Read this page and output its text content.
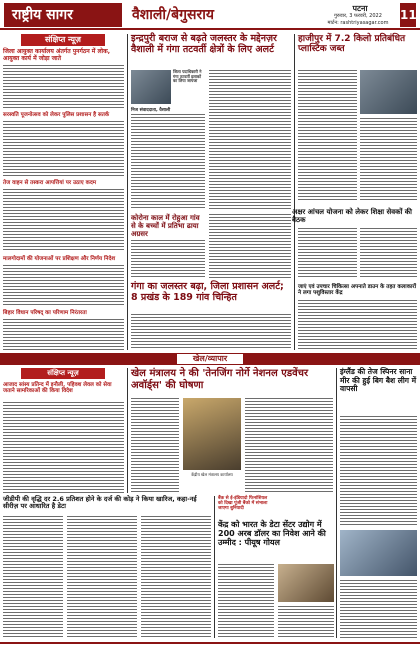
राष्ट्रीय सागर	वैशाली/बेगुसराय	पटना
गुरुवार, 3 फरवरी, 2022
मार्टन: rashtriyasagar.com
11
संक्षिप्त न्यूज़
जिला आयुक्त कार्यालय अंतर्गत पुनर्गठन में लोक, आयुक्त कार्य में जोड़ा जाते
सरस्वति पूजनोत्सव को लेकर पुलिस प्रशासन है सतर्क
तेज वाहन से तस्करा आपत्तियां पर उठाए कदम
मालगोदामों की योजनाओं पर प्रशिक्षण और निर्णय निदेश
बिहार विधान परिषद् का परिणाम निरंतरता
इन्द्रपुरी बराज से बढ़ते जलस्तर के मद्देनज़र वैशाली में गंगा तटवर्ती क्षेत्रों के लिए अलर्ट
जिला पदाधिकारी ने गंगा तटवर्ती इलाकों का लिया जायजा
निज संवाददाता, वैशाली
कोरोना काल में रोहुआ गांव से के बच्चों में प्रतिभा ढाया अग्रसर
गंगा का जलस्तर बढ़ा, जिला प्रशासन अलर्ट; 8 प्रखंड के 189 गांव चिन्हित
हाजीपुर में 7.2 किलो प्रतिबंधित प्लास्टिक जब्त
अक्षर आंचल योजना को लेकर शिक्षा सेवकों की बैठक
जाएं एवं उपचार चिकित्सा अपनाते डाउन के तहत कलाकारों ने लगा पशुविस्तार केंद्र
खेल/व्यापार
संक्षिप्त न्यूज़
आजाद सांस्य प्रतिन्द में इनौली, पहिवश लेवल को सेवा जताने सामरिकाओं की किया विदेश
खेल मंत्रालय ने की 'तेनजिंग नोर्गे नेशनल एडवेंचर अवॉर्ड्स' की घोषणा
केंद्रीय खेल मंत्रालय कार्यालय
इंग्लैंड की तेज स्पिनर साना मीर की हुई बिग बैश लीग में वापसी
जीडीपी की वृद्धि दर 2.6 प्रतिशत होने के दर्ज की कोड़ ने किया खारिज, कहा-नई सीरीज़ पर आधारित है डेटा
बैंक से ई-इंडियादो फिनांशियल को दिखा पूंजी बैंको में संभाला जाएगा बुनियादी
केंद्र को भारत के डेटा सेंटर उद्योग में 200 अरब डॉलर का निवेश आने की उम्मीद : पीयूष गोयल
